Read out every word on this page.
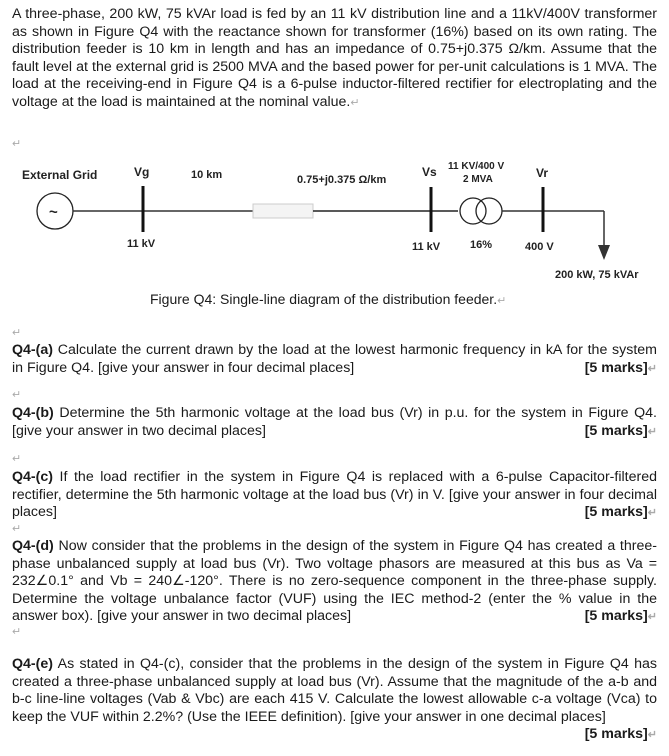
A three-phase, 200 kW, 75 kVAr load is fed by an 11 kV distribution line and a 11kV/400V transformer as shown in Figure Q4 with the reactance shown for transformer (16%) based on its own rating. The distribution feeder is 10 km in length and has an impedance of 0.75+j0.375 Ω/km. Assume that the fault level at the external grid is 2500 MVA and the based power for per-unit calculations is 1 MVA. The load at the receiving-end in Figure Q4 is a 6-pulse inductor-filtered rectifier for electroplating and the voltage at the load is maintained at the nominal value.↵
↵
External Grid
~
Vg
11 kV
10 km	0.75+j0.375 Ω/km
Vs
11 kV
11 KV/400 V
2 MVA
16%
Vr
400 V
200 kW, 75 kVAr
Figure Q4: Single-line diagram of the distribution feeder.↵
↵
Q4-(a) Calculate the current drawn by the load at the lowest harmonic frequency in kA for the system in Figure Q4. [give your answer in four decimal places]	[5 marks]↵
↵
Q4-(b) Determine the 5th harmonic voltage at the load bus (Vr) in p.u. for the system in Figure Q4. [give your answer in two decimal places]	[5 marks]↵
↵
Q4-(c) If the load rectifier in the system in Figure Q4 is replaced with a 6-pulse Capacitor-filtered rectifier, determine the 5th harmonic voltage at the load bus (Vr) in V. [give your answer in four decimal places]	[5 marks]↵
↵
Q4-(d) Now consider that the problems in the design of the system in Figure Q4 has created a three-phase unbalanced supply at load bus (Vr). Two voltage phasors are measured at this bus as Va = 232∠0.1° and Vb = 240∠-120°. There is no zero-sequence component in the three-phase supply. Determine the voltage unbalance factor (VUF) using the IEC method-2 (enter the % value in the answer box). [give your answer in two decimal places]	[5 marks]↵
↵
Q4-(e) As stated in Q4-(c), consider that the problems in the design of the system in Figure Q4 has created a three-phase unbalanced supply at load bus (Vr). Assume that the magnitude of the a-b and b-c line-line voltages (Vab & Vbc) are each 415 V. Calculate the lowest allowable c-a voltage (Vca) to keep the VUF within 2.2%? (Use the IEEE definition). [give your answer in one decimal places]
[5 marks]↵
